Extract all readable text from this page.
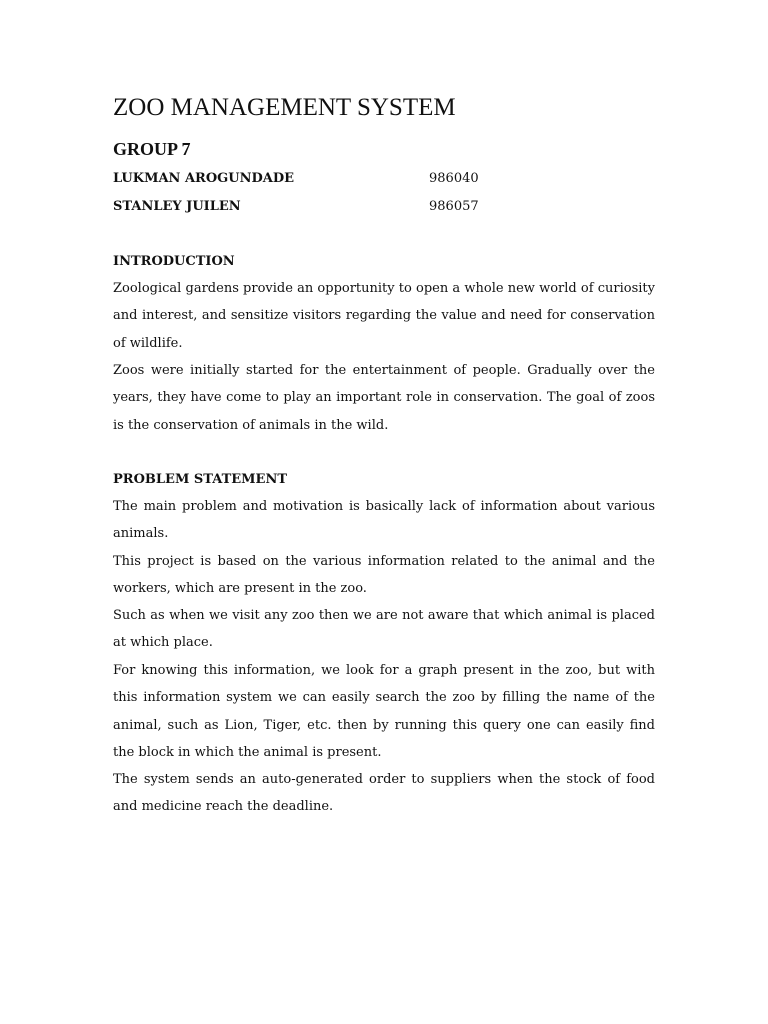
ZOO MANAGEMENT SYSTEM
GROUP 7
LUKMAN AROGUNDADE	986040
STANLEY JUILEN	986057
INTRODUCTION
Zoological gardens provide an opportunity to open a whole new world of curiosity and interest, and sensitize visitors regarding the value and need for conservation of wildlife.
Zoos were initially started for the entertainment of people. Gradually over the years, they have come to play an important role in conservation. The goal of zoos is the conservation of animals in the wild.
PROBLEM STATEMENT
The main problem and motivation is basically lack of information about various animals.
This project is based on the various information related to the animal and the workers, which are present in the zoo.
Such as when we visit any zoo then we are not aware that which animal is placed at which place.
For knowing this information, we look for a graph present in the zoo, but with this information system we can easily search the zoo by filling the name of the animal, such as Lion, Tiger, etc. then by running this query one can easily find the block in which the animal is present.
The system sends an auto-generated order to suppliers when the stock of food and medicine reach the deadline.
